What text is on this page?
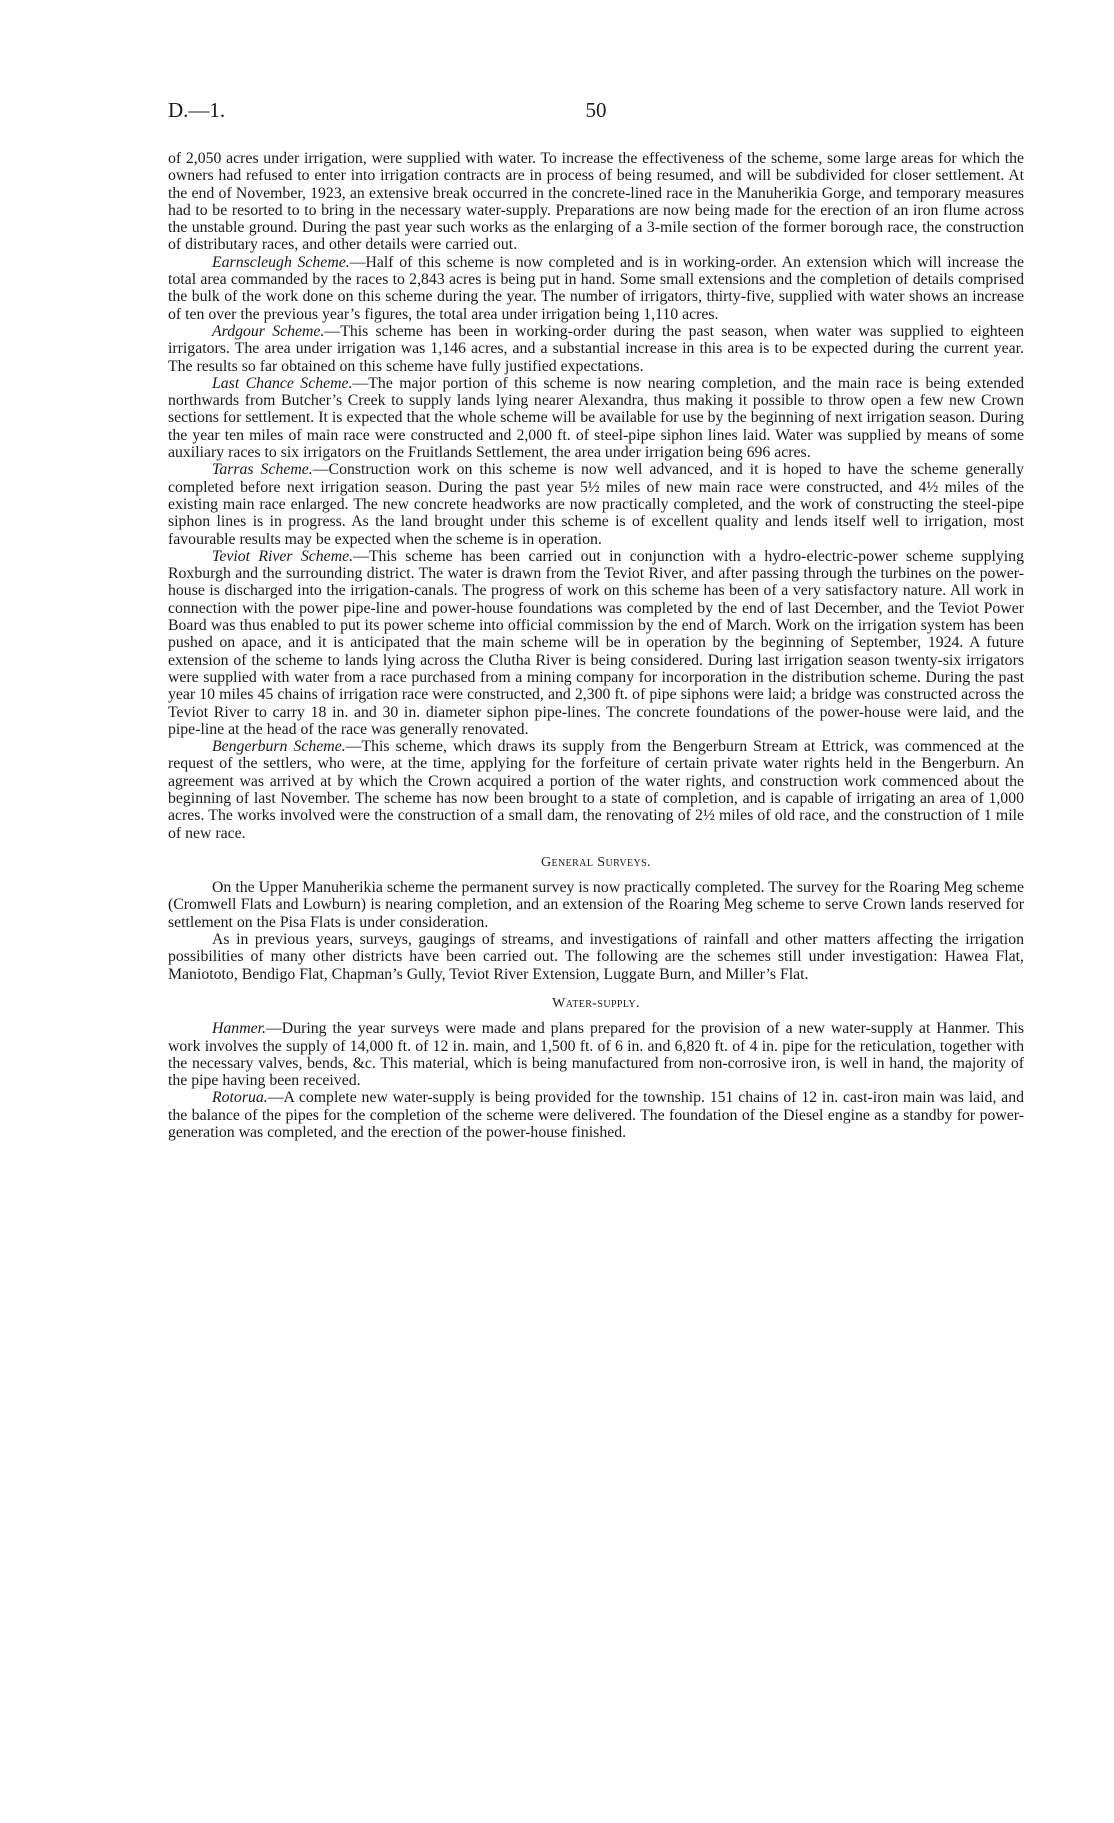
D.—1.	50

of 2,050 acres under irrigation, were supplied with water. To increase the effectiveness of the scheme, some large areas for which the owners had refused to enter into irrigation contracts are in process of being resumed, and will be subdivided for closer settlement. At the end of November, 1923, an extensive break occurred in the concrete-lined race in the Manuherikia Gorge, and temporary measures had to be resorted to to bring in the necessary water-supply. Preparations are now being made for the erection of an iron flume across the unstable ground. During the past year such works as the enlarging of a 3-mile section of the former borough race, the construction of distributary races, and other details were carried out.

Earnscleugh Scheme.—Half of this scheme is now completed and is in working-order. An extension which will increase the total area commanded by the races to 2,843 acres is being put in hand. Some small extensions and the completion of details comprised the bulk of the work done on this scheme during the year. The number of irrigators, thirty-five, supplied with water shows an increase of ten over the previous year’s figures, the total area under irrigation being 1,110 acres.

Ardgour Scheme.—This scheme has been in working-order during the past season, when water was supplied to eighteen irrigators. The area under irrigation was 1,146 acres, and a substantial increase in this area is to be expected during the current year. The results so far obtained on this scheme have fully justified expectations.

Last Chance Scheme.—The major portion of this scheme is now nearing completion, and the main race is being extended northwards from Butcher’s Creek to supply lands lying nearer Alexandra, thus making it possible to throw open a few new Crown sections for settlement. It is expected that the whole scheme will be available for use by the beginning of next irrigation season. During the year ten miles of main race were constructed and 2,000 ft. of steel-pipe siphon lines laid. Water was supplied by means of some auxiliary races to six irrigators on the Fruitlands Settlement, the area under irrigation being 696 acres.

Tarras Scheme.—Construction work on this scheme is now well advanced, and it is hoped to have the scheme generally completed before next irrigation season. During the past year 5½ miles of new main race were constructed, and 4½ miles of the existing main race enlarged. The new concrete headworks are now practically completed, and the work of constructing the steel-pipe siphon lines is in progress. As the land brought under this scheme is of excellent quality and lends itself well to irrigation, most favourable results may be expected when the scheme is in operation.

Teviot River Scheme.—This scheme has been carried out in conjunction with a hydro-electric-power scheme supplying Roxburgh and the surrounding district. The water is drawn from the Teviot River, and after passing through the turbines on the power-house is discharged into the irrigation-canals. The progress of work on this scheme has been of a very satisfactory nature. All work in connection with the power pipe-line and power-house foundations was completed by the end of last December, and the Teviot Power Board was thus enabled to put its power scheme into official commission by the end of March. Work on the irrigation system has been pushed on apace, and it is anticipated that the main scheme will be in operation by the beginning of September, 1924. A future extension of the scheme to lands lying across the Clutha River is being considered. During last irrigation season twenty-six irrigators were supplied with water from a race purchased from a mining company for incorporation in the distribution scheme. During the past year 10 miles 45 chains of irrigation race were constructed, and 2,300 ft. of pipe siphons were laid; a bridge was constructed across the Teviot River to carry 18 in. and 30 in. diameter siphon pipe-lines. The concrete foundations of the power-house were laid, and the pipe-line at the head of the race was generally renovated.

Bengerburn Scheme.—This scheme, which draws its supply from the Bengerburn Stream at Ettrick, was commenced at the request of the settlers, who were, at the time, applying for the forfeiture of certain private water rights held in the Bengerburn. An agreement was arrived at by which the Crown acquired a portion of the water rights, and construction work commenced about the beginning of last November. The scheme has now been brought to a state of completion, and is capable of irrigating an area of 1,000 acres. The works involved were the construction of a small dam, the renovating of 2½ miles of old race, and the construction of 1 mile of new race.

General Surveys.

On the Upper Manuherikia scheme the permanent survey is now practically completed. The survey for the Roaring Meg scheme (Cromwell Flats and Lowburn) is nearing completion, and an extension of the Roaring Meg scheme to serve Crown lands reserved for settlement on the Pisa Flats is under consideration.

As in previous years, surveys, gaugings of streams, and investigations of rainfall and other matters affecting the irrigation possibilities of many other districts have been carried out. The following are the schemes still under investigation: Hawea Flat, Maniototo, Bendigo Flat, Chapman’s Gully, Teviot River Extension, Luggate Burn, and Miller’s Flat.

Water-supply.

Hanmer.—During the year surveys were made and plans prepared for the provision of a new water-supply at Hanmer. This work involves the supply of 14,000 ft. of 12 in. main, and 1,500 ft. of 6 in. and 6,820 ft. of 4 in. pipe for the reticulation, together with the necessary valves, bends, &c. This material, which is being manufactured from non-corrosive iron, is well in hand, the majority of the pipe having been received.

Rotorua.—A complete new water-supply is being provided for the township. 151 chains of 12 in. cast-iron main was laid, and the balance of the pipes for the completion of the scheme were delivered. The foundation of the Diesel engine as a standby for power-generation was completed, and the erection of the power-house finished.
